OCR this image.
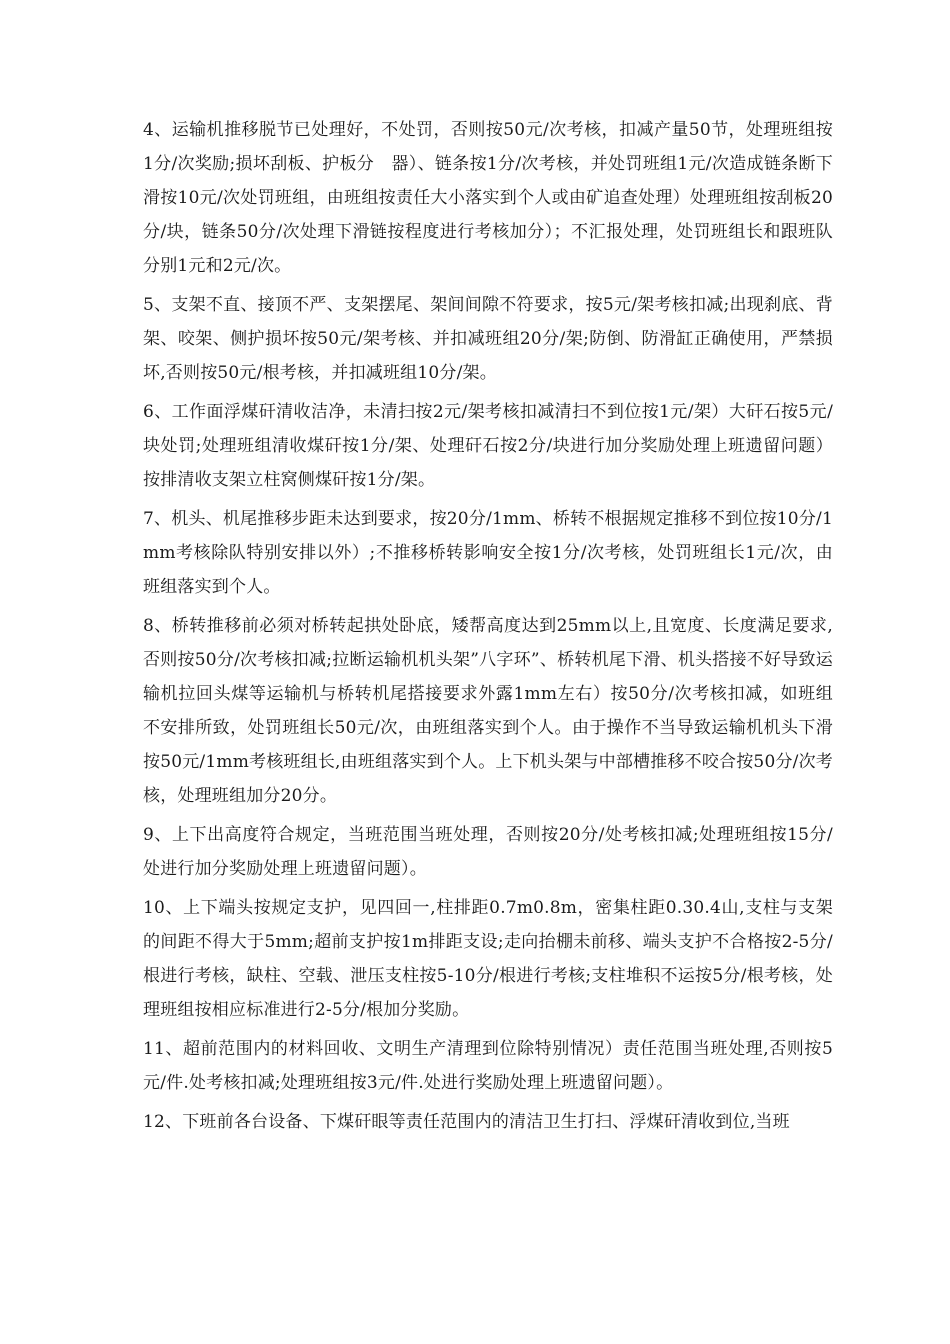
4、运输机推移脱节已处理好，不处罚，否则按50元/次考核，扣减产量50节，处理班组按1分/次奖励;损坏刮板、护板分　器）、链条按1分/次考核，并处罚班组1元/次造成链条断下滑按10元/次处罚班组，由班组按责任大小落实到个人或由矿追查处理）处理班组按刮板20分/块，链条50分/次处理下滑链按程度进行考核加分）；不汇报处理，处罚班组长和跟班队分别1元和2元/次。

5、支架不直、接顶不严、支架摆尾、架间间隙不符要求，按5元/架考核扣减;出现刹底、背架、咬架、侧护损坏按50元/架考核、并扣减班组20分/架;防倒、防滑缸正确使用，严禁损坏,否则按50元/根考核，并扣减班组10分/架。

6、工作面浮煤矸清收洁净，未清扫按2元/架考核扣减清扫不到位按1元/架）大矸石按5元/块处罚;处理班组清收煤矸按1分/架、处理矸石按2分/块进行加分奖励处理上班遗留问题）按排清收支架立柱窝侧煤矸按1分/架。

7、机头、机尾推移步距未达到要求，按20分/1mm、桥转不根据规定推移不到位按10分/1mm考核除队特别安排以外）;不推移桥转影响安全按1分/次考核，处罚班组长1元/次，由班组落实到个人。

8、桥转推移前必须对桥转起拱处卧底，矮帮高度达到25mm以上,且宽度、长度满足要求,否则按50分/次考核扣减;拉断运输机机头架”八字环”、桥转机尾下滑、机头搭接不好导致运输机拉回头煤等运输机与桥转机尾搭接要求外露1mm左右）按50分/次考核扣减，如班组不安排所致，处罚班组长50元/次，由班组落实到个人。由于操作不当导致运输机机头下滑按50元/1mm考核班组长,由班组落实到个人。上下机头架与中部槽推移不咬合按50分/次考核，处理班组加分20分。

9、上下出高度符合规定，当班范围当班处理，否则按20分/处考核扣减;处理班组按15分/处进行加分奖励处理上班遗留问题）。

10、上下端头按规定支护，见四回一,柱排距0.7m0.8m，密集柱距0.30.4山,支柱与支架的间距不得大于5mm;超前支护按1m排距支设;走向抬棚未前移、端头支护不合格按2-5分/根进行考核，缺柱、空载、泄压支柱按5-10分/根进行考核;支柱堆积不运按5分/根考核，处理班组按相应标准进行2-5分/根加分奖励。

11、超前范围内的材料回收、文明生产清理到位除特别情况）责任范围当班处理,否则按5元/件.处考核扣减;处理班组按3元/件.处进行奖励处理上班遗留问题）。

12、下班前各台设备、下煤矸眼等责任范围内的清洁卫生打扫、浮煤矸清收到位,当班
